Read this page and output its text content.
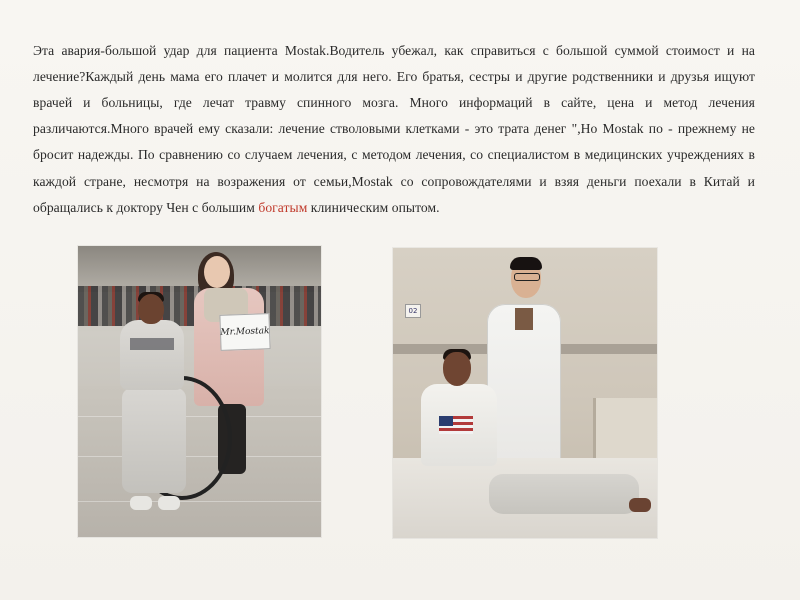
Эта авария-большой удар для пациента Mostak.Водитель убежал, как справиться с большой суммой стоимост и на лечение?Каждый день мама его плачет и молится для него. Его братья, сестры и другие родственники и друзья ищуют врачей и больницы, где лечат травму спинного мозга. Много информаций в сайте, цена и метод лечения различаются.Много врачей ему сказали: лечение стволовыми клетками - это трата денег ",Но Mostak по - прежнему не бросит надежды. По сравнению со случаем лечения, с методом лечения, со специалистом в медицинских учреждениях в каждой стране, несмотря на возражения от семьи,Mostak со сопровождателями и взяя деньги поехали в Китай и обращались к доктору Чен с большим богатым клиническим опытом.

Mr.Mostak
02
